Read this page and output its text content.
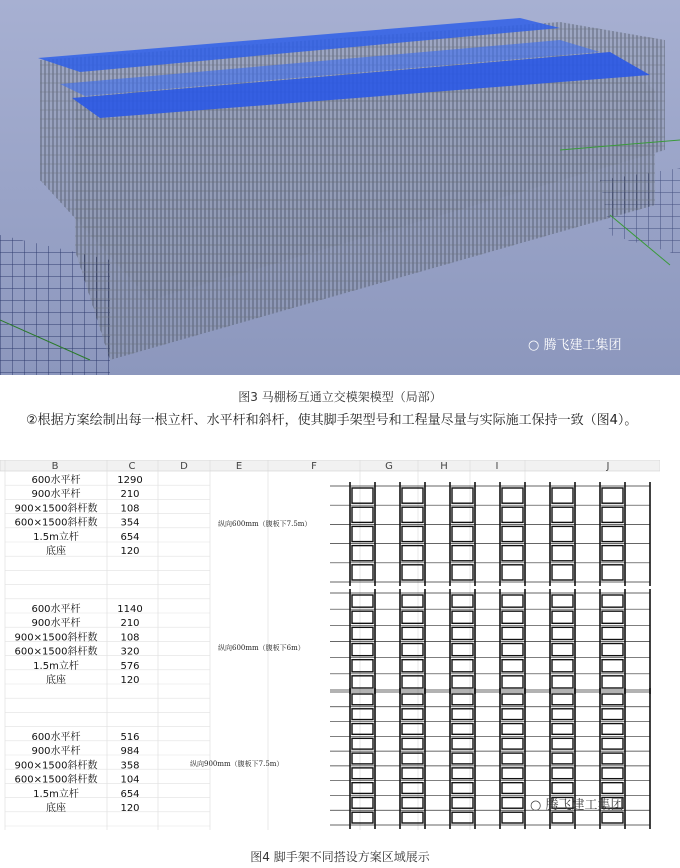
○ 腾飞建工集团
图3 马棚杨互通立交模架模型（局部）
②根据方案绘制出每一根立杆、水平杆和斜杆，使其脚手架型号和工程量尽量与实际施工保持一致（图4）。
B	C	D	E	F	G	H	I	J
600水平杆	1290
900水平杆	210
900×1500斜杆数 108
600×1500斜杆数 354
1.5m立杆	654
底座	120
600水平杆	1140
900水平杆	210
900×1500斜杆数 108
600×1500斜杆数 320
1.5m立杆	576
底座	120
600水平杆	516
900水平杆	984
900×1500斜杆数 358
600×1500斜杆数 104
1.5m立杆	654
底座	120
纵向600mm（腹板下7.5m）
纵向600mm（腹板下6m）
纵向900mm（腹板下7.5m）
○ 腾飞建工集团
图4 脚手架不同搭设方案区域展示
